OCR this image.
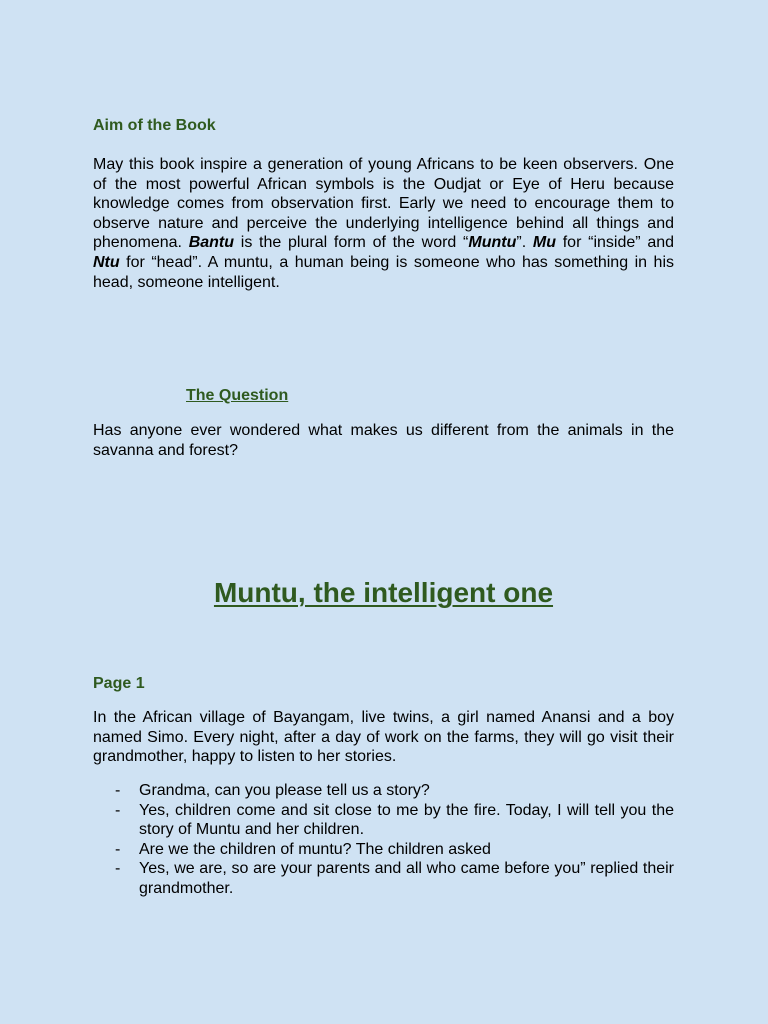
Aim of the Book

May this book inspire a generation of young Africans to be keen observers. One of the most powerful African symbols is the Oudjat or Eye of Heru because knowledge comes from observation first. Early we need to encourage them to observe nature and perceive the underlying intelligence behind all things and phenomena. Bantu is the plural form of the word “Muntu”. Mu for “inside” and Ntu for “head”. A muntu, a human being is someone who has something in his head, someone intelligent.

The Question

Has anyone ever wondered what makes us different from the animals in the savanna and forest?

Muntu, the intelligent one
Page 1

In the African village of Bayangam, live twins, a girl named Anansi and a boy named Simo. Every night, after a day of work on the farms, they will go visit their grandmother, happy to listen to her stories.

- Grandma, can you please tell us a story?
- Yes, children come and sit close to me by the fire. Today, I will tell you the story of Muntu and her children.
- Are we the children of muntu? The children asked
- Yes, we are, so are your parents and all who came before you” replied their grandmother.
